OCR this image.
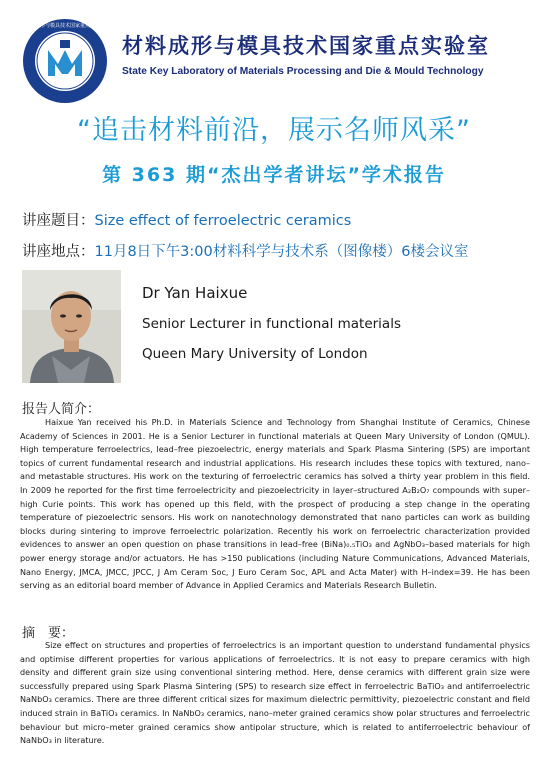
材料成形与模具技术国家重点实验室
材料成形与模具技术国家重点实验室
State Key Laboratory of Materials Processing and Die & Mould Technology
“追击材料前沿，展示名师风采”
第 363 期“杰出学者讲坛”学术报告
讲座题目：Size effect of ferroelectric ceramics
讲座地点：11月8日下午3:00材料科学与技术系（图像楼）6楼会议室
Dr Yan Haixue
Senior Lecturer in functional materials
Queen Mary University of London
报告人简介：
Haixue Yan received his Ph.D. in Materials Science and Technology from Shanghai Institute of Ceramics, Chinese Academy of Sciences in 2001. He is a Senior Lecturer in functional materials at Queen Mary University of London (QMUL). High temperature ferroelectrics, lead–free piezoelectric, energy materials and Spark Plasma Sintering (SPS) are important topics of current fundamental research and industrial applications. His research includes these topics with textured, nano– and metastable structures. His work on the texturing of ferroelectric ceramics has solved a thirty year problem in this field. In 2009 he reported for the first time ferroelectricity and piezoelectricity in layer–structured A₂B₂O₇ compounds with super–high Curie points. This work has opened up this field, with the prospect of producing a step change in the operating temperature of piezoelectric sensors. His work on nanotechnology demonstrated that nano particles can work as building blocks during sintering to improve ferroelectric polarization. Recently his work on ferroelectric characterization provided evidences to answer an open question on phase transitions in lead–free (BiNa)₀.₅TiO₃ and AgNbO₃–based materials for high power energy storage and/or actuators. He has >150 publications (including Nature Communications, Advanced Materials, Nano Energy, JMCA, JMCC, JPCC, J Am Ceram Soc, J Euro Ceram Soc, APL and Acta Mater) with H–index=39. He has been serving as an editorial board member of Advance in Applied Ceramics and Materials Research Bulletin.
摘　要：
Size effect on structures and properties of ferroelectrics is an important question to understand fundamental physics and optimise different properties for various applications of ferroelectrics. It is not easy to prepare ceramics with high density and different grain size using conventional sintering method. Here, dense ceramics with different grain size were successfully prepared using Spark Plasma Sintering (SPS) to research size effect in ferroelectric BaTiO₃ and antiferroelectric NaNbO₃ ceramics. There are three different critical sizes for maximum dielectric permittivity, piezoelectric constant and field induced strain in BaTiO₃ ceramics. In NaNbO₃ ceramics, nano–meter grained ceramics show polar structures and ferroelectric behaviour but micro–meter grained ceramics show antipolar structure, which is related to antiferroelectric behaviour of NaNbO₃ in literature.
